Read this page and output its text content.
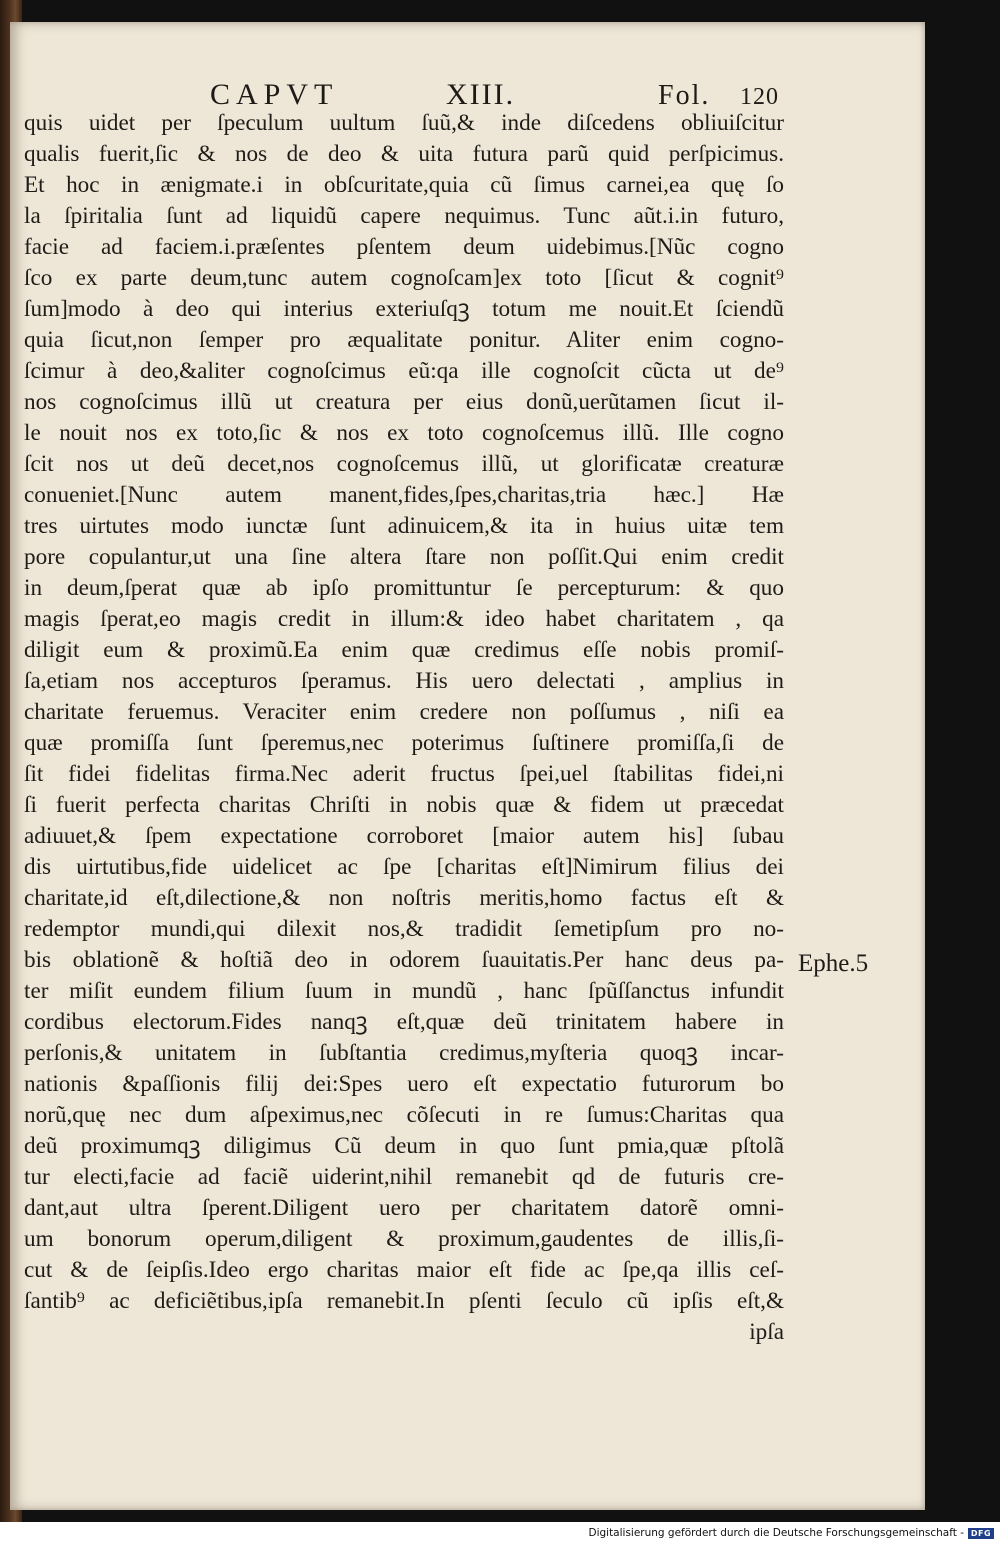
CAPVT	XIII.	Fol. 120
quis uidet per ſpeculum uultum ſuũ,& inde diſcedens obliuiſcitur
qualis fuerit,ſic & nos de deo & uita futura parũ quid perſpicimus.
Et hoc in ænigmate.i in obſcuritate,quia cũ ſimus carnei,ea quę ſo
la ſpiritalia ſunt ad liquidũ capere nequimus. Tunc aũt.i.in futuro,
facie ad faciem.i.præſentes pſentem deum uidebimus.[Nũc cogno
ſco ex parte deum,tunc autem cognoſcam]ex toto [ſicut & cognit⁹
ſum]modo à deo qui interius exteriuſqꝫ totum me nouit.Et ſciendũ
quia ſicut,non ſemper pro æqualitate ponitur. Aliter enim cogno-
ſcimur à deo,&aliter cognoſcimus eũ:qa ille cognoſcit cũcta ut de⁹
nos cognoſcimus illũ ut creatura per eius donũ,uerũtamen ſicut il-
le nouit nos ex toto,ſic & nos ex toto cognoſcemus illũ. Ille cogno
ſcit nos ut deũ decet,nos cognoſcemus illũ, ut glorificatæ creaturæ
conueniet.[Nunc autem manent,fides,ſpes,charitas,tria hæc.] Hæ
tres uirtutes modo iunctæ ſunt adinuicem,& ita in huius uitæ tem
pore copulantur,ut una ſine altera ſtare non poſſit.Qui enim credit
in deum,ſperat quæ ab ipſo promittuntur ſe percepturum: & quo
magis ſperat,eo magis credit in illum:& ideo habet charitatem , qa
diligit eum & proximũ.Ea enim quæ credimus eſſe nobis promiſ-
ſa,etiam nos accepturos ſperamus. His uero delectati , amplius in
charitate feruemus. Veraciter enim credere non poſſumus , niſi ea
quæ promiſſa ſunt ſperemus,nec poterimus ſuſtinere promiſſa,ſi de
ſit fidei fidelitas firma.Nec aderit fructus ſpei,uel ſtabilitas fidei,ni
ſi fuerit perfecta charitas Chriſti in nobis quæ & fidem ut præcedat
adiuuet,& ſpem expectatione corroboret [maior autem his] ſubau
dis uirtutibus,fide uidelicet ac ſpe [charitas eſt]Nimirum filius dei
charitate,id eſt,dilectione,& non noſtris meritis,homo factus eſt &
redemptor mundi,qui dilexit nos,& tradidit ſemetipſum pro no-
bis oblationẽ & hoſtiã deo in odorem ſuauitatis.Per hanc deus pa-
ter miſit eundem filium ſuum in mundũ , hanc ſpũſſanctus infundit
cordibus electorum.Fides nanqꝫ eſt,quæ deũ trinitatem habere in
perſonis,& unitatem in ſubſtantia credimus,myſteria quoqꝫ incar-
nationis &paſſionis filij dei:Spes uero eſt expectatio futurorum bo
norũ,quę nec dum aſpeximus,nec cõſecuti in re ſumus:Charitas qua
deũ proximumqꝫ diligimus Cũ deum in quo ſunt pmia,quæ pſtolã
tur electi,facie ad faciẽ uiderint,nihil remanebit qd de futuris cre-
dant,aut ultra ſperent.Diligent uero per charitatem datorẽ omni-
um bonorum operum,diligent & proximum,gaudentes de illis,ſi-
cut & de ſeipſis.Ideo ergo charitas maior eſt fide ac ſpe,qa illis ceſ-
ſantib⁹ ac deficiẽtibus,ipſa remanebit.In pſenti ſeculo cũ ipſis eſt,&
ipſa
Ephe.5
Digitalisierung gefördert durch die Deutsche Forschungsgemeinschaft - DFG
